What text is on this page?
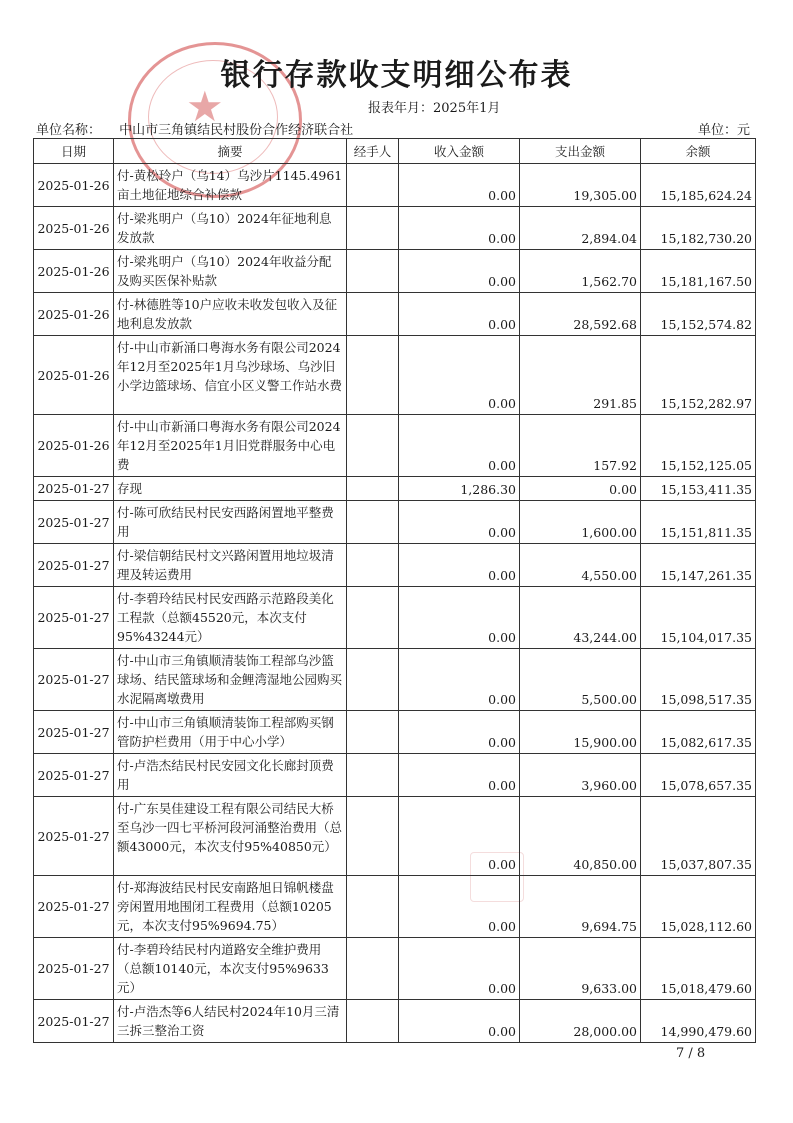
★
银行存款收支明细公布表
报表年月：2025年1月
单位名称： 中山市三角镇结民村股份合作经济联合社	单位：元
日期	摘要	经手人	收入金额	支出金额	余额
2025-01-26	付-黄松玲户（乌14）乌沙片1145.4961亩土地征地综合补偿款		0.00	19,305.00	15,185,624.24
2025-01-26	付-梁兆明户（乌10）2024年征地利息发放款		0.00	2,894.04	15,182,730.20
2025-01-26	付-梁兆明户（乌10）2024年收益分配及购买医保补贴款		0.00	1,562.70	15,181,167.50
2025-01-26	付-林德胜等10户应收未收发包收入及征地利息发放款		0.00	28,592.68	15,152,574.82
2025-01-26	付-中山市新涌口粤海水务有限公司2024年12月至2025年1月乌沙球场、乌沙旧小学边篮球场、信宜小区义警工作站水费		0.00	291.85	15,152,282.97
2025-01-26	付-中山市新涌口粤海水务有限公司2024年12月至2025年1月旧党群服务中心电费		0.00	157.92	15,152,125.05
2025-01-27	存现		1,286.30	0.00	15,153,411.35
2025-01-27	付-陈可欣结民村民安西路闲置地平整费用		0.00	1,600.00	15,151,811.35
2025-01-27	付-梁信朝结民村文兴路闲置用地垃圾清理及转运费用		0.00	4,550.00	15,147,261.35
2025-01-27	付-李碧玲结民村民安西路示范路段美化工程款（总额45520元，本次支付95%43244元）		0.00	43,244.00	15,104,017.35
2025-01-27	付-中山市三角镇顺清装饰工程部乌沙篮球场、结民篮球场和金鲤湾湿地公园购买水泥隔离墩费用		0.00	5,500.00	15,098,517.35
2025-01-27	付-中山市三角镇顺清装饰工程部购买钢管防护栏费用（用于中心小学）		0.00	15,900.00	15,082,617.35
2025-01-27	付-卢浩杰结民村民安园文化长廊封顶费用		0.00	3,960.00	15,078,657.35
2025-01-27	付-广东昊佳建设工程有限公司结民大桥至乌沙一四七平桥河段河涌整治费用（总额43000元，本次支付95%40850元）		0.00	40,850.00	15,037,807.35
2025-01-27	付-郑海波结民村民安南路旭日锦帆楼盘旁闲置用地围闭工程费用（总额10205元，本次支付95%9694.75）		0.00	9,694.75	15,028,112.60
2025-01-27	付-李碧玲结民村内道路安全维护费用（总额10140元，本次支付95%9633元）		0.00	9,633.00	15,018,479.60
2025-01-27	付-卢浩杰等6人结民村2024年10月三清三拆三整治工资		0.00	28,000.00	14,990,479.60
7 / 8
